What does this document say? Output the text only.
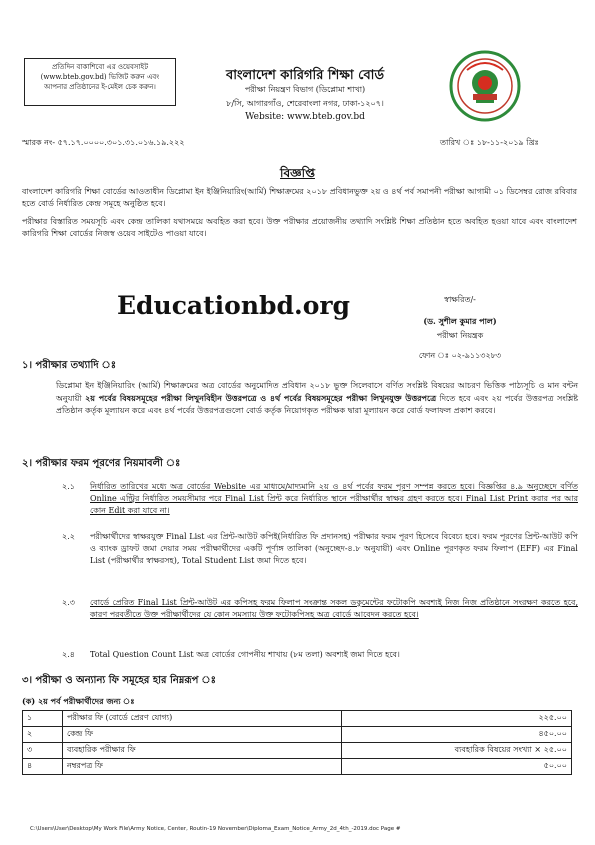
প্রতিদিন বাকাশিবো এর ওয়েবসাইট
(www.bteb.gov.bd) ভিজিট করুন এবং
আপনার প্রতিষ্ঠানের ই-মেইল চেক করুন।
বাংলাদেশ কারিগরি শিক্ষা বোর্ড
পরীক্ষা নিয়ন্ত্রণ বিভাগ (ডিপ্লোমা শাখা)
৮/সি, আগারগাঁও, শেরেবাংলা নগর, ঢাকা-১২০৭।
Website: www.bteb.gov.bd
স্মারক নং- ৫৭.১৭.০০০০.৩০১.৩১.০১৬.১৯.২২২	তারিখ ঃ ১৮-১১-২০১৯ খ্রিঃ
বিজ্ঞপ্তি
বাংলাদেশ কারিগরি শিক্ষা বোর্ডের আওতাধীন ডিপ্লোমা ইন ইঞ্জিনিয়ারিং(আর্মি) শিক্ষাক্রমের ২০১৮ প্রবিধানভুক্ত ২য় ও ৪র্থ পর্ব সমাপনী পরীক্ষা আগামী ০১ ডিসেম্বর রোজ রবিবার হতে বোর্ড নির্ধারিত কেন্দ্র সমূহে অনুষ্ঠিত হবে।
পরীক্ষার বিস্তারিত সময়সূচি এবং কেন্দ্র তালিকা যথাসময়ে অবহিত করা হবে। উক্ত পরীক্ষার প্রয়োজনীয় তথ্যাদি সংশ্লিষ্ট শিক্ষা প্রতিষ্ঠান হতে অবহিত হওয়া যাবে এবং বাংলাদেশ কারিগরি শিক্ষা বোর্ডের নিজস্ব ওয়েব সাইটেও পাওয়া যাবে।
Educationbd.org	স্বাক্ষরিত/-
(ড. সুশীল কুমার পাল)
পরীক্ষা নিয়ন্ত্রক
ফোন ঃ ০২-৯১১৩২৮৩
১। পরীক্ষার তথ্যাদি ঃ
ডিপ্লোমা ইন ইঞ্জিনিয়ারিং (আর্মি) শিক্ষাক্রমের অত্র বোর্ডের অনুমোদিত প্রবিধান ২০১৮ ভুক্ত সিলেবাসে বর্ণিত সংশ্লিষ্ট বিষয়ের আচরণ ভিত্তিক পাঠ্যসূচি ও মান বন্টন অনুযায়ী ২য় পর্বের বিষয়সমূহের পরীক্ষা লিখুনবিহীন উত্তরপত্রে ও ৪র্থ পর্বের বিষয়সমূহের পরীক্ষা লিখুনযুক্ত উত্তরপত্রে দিতে হবে এবং ২য় পর্বের উত্তরপত্র সংশ্লিষ্ট প্রতিষ্ঠান কর্তৃক মূল্যায়ন করে এবং ৪র্থ পর্বের উত্তরপত্রগুলো বোর্ড কর্তৃক নিয়োগকৃত পরীক্ষক দ্বারা মূল্যায়ন করে বোর্ড ফলাফল প্রকাশ করবে।
২। পরীক্ষার ফরম পূরণের নিয়মাবলী ঃ
২.১ নির্ধারিত তারিখের মধ্যে অত্র বোর্ডের Website এর মাধ্যমে/মাদ্যমানি ২য় ও ৪র্থ পর্বের ফরম পূরণ সম্পন্ন করতে হবে। বিজ্ঞপ্তির ৪.৯ অনুচ্ছেদে বর্ণিত Online এন্ট্রির নির্ধারিত সময়সীমার পরে Final List প্রিন্ট করে নির্ধারিত স্থানে পরীক্ষার্থীর স্বাক্ষর গ্রহণ করতে হবে। Final List Print করার পর আর কোন Edit করা যাবে না।
২.২ পরীক্ষার্থীদের স্বাক্ষরযুক্ত Final List এর প্রিন্ট-আউট কপিই(নির্ধারিত ফি প্রদানসহ) পরীক্ষার ফরম পূরণ হিসেবে বিবেচ্য হবে। ফরম পূরণের প্রিন্ট-আউট কপি ও ব্যাংক ড্রাফট জমা দেয়ার সময় পরীক্ষার্থীদের একটি পূর্ণাঙ্গ তালিকা (অনুচ্ছেদ-৪.৮ অনুযায়ী) এবং Online পূরণকৃত ফরম ফিলাপ (EFF) এর Final List (পরীক্ষার্থীর স্বাক্ষরসহ), Total Student List জমা দিতে হবে।
২.৩ বোর্ডে প্রেরিত Final List প্রিন্ট-আউট এর কপিসহ ফরম ফিলাপ সংক্রান্ত সকল ডকুমেন্টের ফটোকপি অবশ্যই নিজ নিজ প্রতিষ্ঠানে সংরক্ষণ করতে হবে, কারণ পরবর্তীতে উক্ত পরীক্ষার্থীদের যে কোন সমস্যায় উক্ত ফটোকপিসহ অত্র বোর্ডে আবেদন করতে হবে।
২.৪ Total Question Count List অত্র বোর্ডের গোপনীয় শাখায় (৮ম তলা) অবশ্যই জমা দিতে হবে।
৩। পরীক্ষা ও অন্যান্য ফি সমূহের হার নিম্নরূপ ঃ
(ক) ২য় পর্ব পরীক্ষার্থীদের জন্য ঃ
১	পরীক্ষার ফি (বোর্ডে প্রেরণ যোগ্য)	২২৫.০০
২	কেন্দ্র ফি	৪৫০.০০
৩	ব্যবহারিক পরীক্ষার ফি	ব্যবহারিক বিষয়ের সংখ্যা × ২৫.০০
৪	নম্বরপত্র ফি	৫০.০০
C:\Users\User\Desktop\My Work File\Army Notice, Center, Routin-19 November\Diploma_Exam_Notice_Army_2d_4th_-2019.doc Page #
